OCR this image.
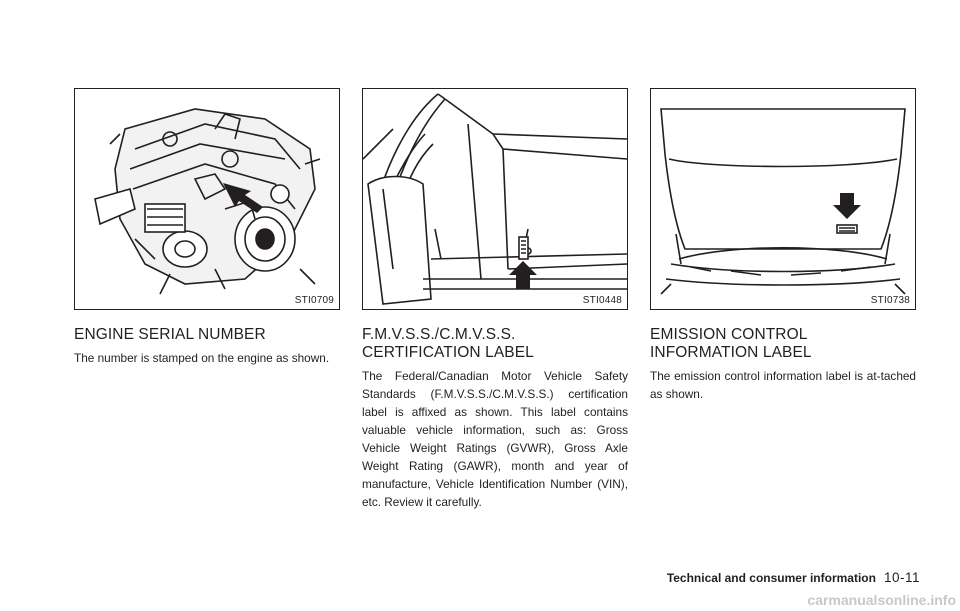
STI0709
ENGINE SERIAL NUMBER

The number is stamped on the engine as shown.

STI0448
F.M.V.S.S./C.M.V.S.S. CERTIFICATION LABEL

The Federal/Canadian Motor Vehicle Safety Standards (F.M.V.S.S./C.M.V.S.S.) certification label is affixed as shown. This label contains valuable vehicle information, such as: Gross Vehicle Weight Ratings (GVWR), Gross Axle Weight Rating (GAWR), month and year of manufacture, Vehicle Identification Number (VIN), etc. Review it carefully.

STI0738
EMISSION CONTROL INFORMATION LABEL

The emission control information label is at-tached as shown.

Technical and consumer information 10-11
carmanualsonline.info
